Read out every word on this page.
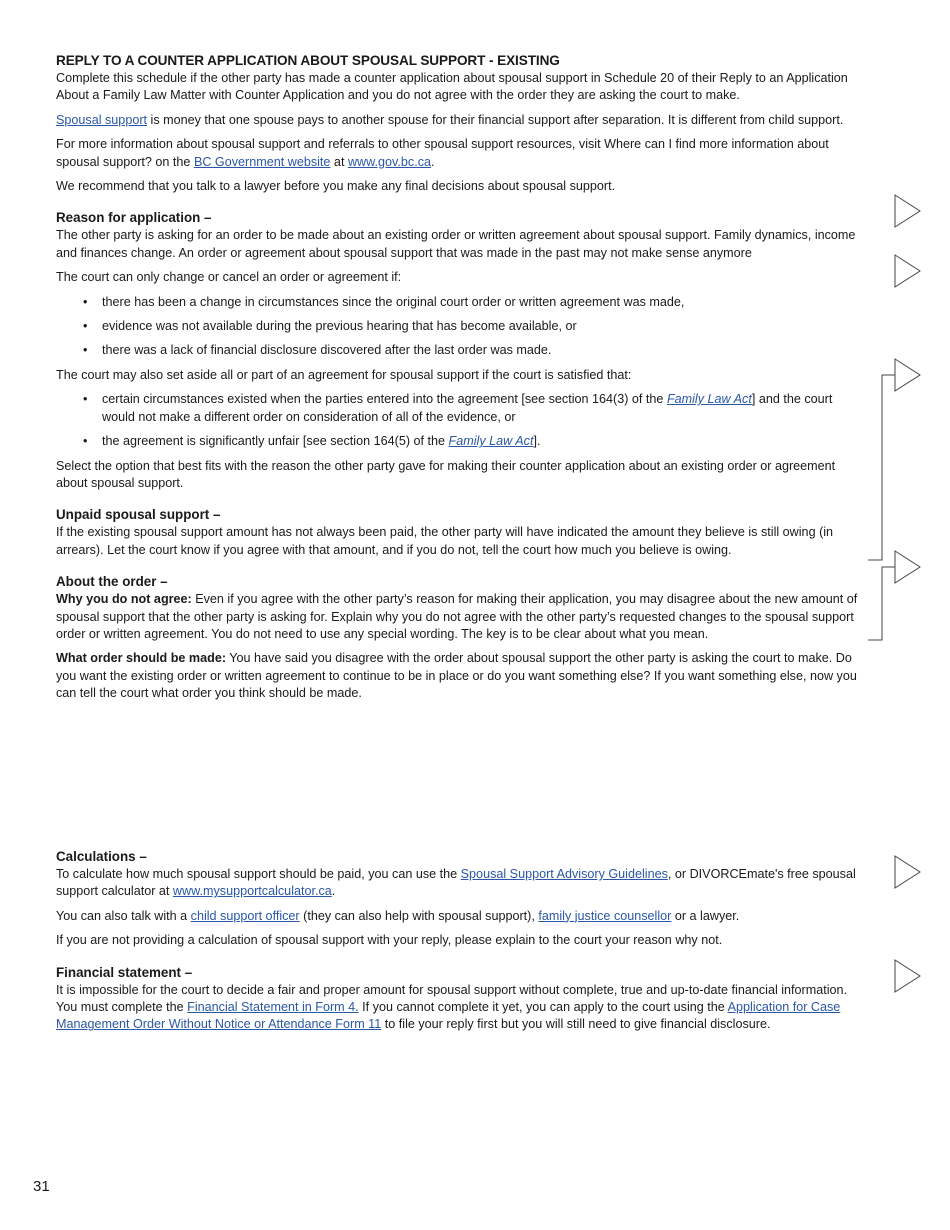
REPLY TO A COUNTER APPLICATION ABOUT SPOUSAL SUPPORT - EXISTING

Complete this schedule if the other party has made a counter application about spousal support in Schedule 20 of their Reply to an Application About a Family Law Matter with Counter Application and you do not agree with the order they are asking the court to make.

Spousal support is money that one spouse pays to another spouse for their financial support after separation. It is different from child support.

For more information about spousal support and referrals to other spousal support resources, visit Where can I find more information about spousal support? on the BC Government website at www.gov.bc.ca.

We recommend that you talk to a lawyer before you make any final decisions about spousal support.

Reason for application –

The other party is asking for an order to be made about an existing order or written agreement about spousal support. Family dynamics, income and finances change. An order or agreement about spousal support that was made in the past may not make sense anymore

The court can only change or cancel an order or agreement if:

• there has been a change in circumstances since the original court order or written agreement was made,
• evidence was not available during the previous hearing that has become available, or
• there was a lack of financial disclosure discovered after the last order was made.

The court may also set aside all or part of an agreement for spousal support if the court is satisfied that:

• certain circumstances existed when the parties entered into the agreement [see section 164(3) of the Family Law Act] and the court would not make a different order on consideration of all of the evidence, or
• the agreement is significantly unfair [see section 164(5) of the Family Law Act].

Select the option that best fits with the reason the other party gave for making their counter application about an existing order or agreement about spousal support.

Unpaid spousal support –

If the existing spousal support amount has not always been paid, the other party will have indicated the amount they believe is still owing (in arrears). Let the court know if you agree with that amount, and if you do not, tell the court how much you believe is owing.

About the order –

Why you do not agree: Even if you agree with the other party’s reason for making their application, you may disagree about the new amount of spousal support that the other party is asking for. Explain why you do not agree with the other party’s requested changes to the spousal support order or written agreement. You do not need to use any special wording. The key is to be clear about what you mean.

What order should be made: You have said you disagree with the order about spousal support the other party is asking the court to make. Do you want the existing order or written agreement to continue to be in place or do you want something else? If you want something else, now you can tell the court what order you think should be made.

Calculations –

To calculate how much spousal support should be paid, you can use the Spousal Support Advisory Guidelines, or DIVORCEmate's free spousal support calculator at www.mysupportcalculator.ca.

You can also talk with a child support officer (they can also help with spousal support), family justice counsellor or a lawyer.

If you are not providing a calculation of spousal support with your reply, please explain to the court your reason why not.

Financial statement –

It is impossible for the court to decide a fair and proper amount for spousal support without complete, true and up-to-date financial information. You must complete the Financial Statement in Form 4. If you cannot complete it yet, you can apply to the court using the Application for Case Management Order Without Notice or Attendance Form 11 to file your reply first but you will still need to give financial disclosure.

31
